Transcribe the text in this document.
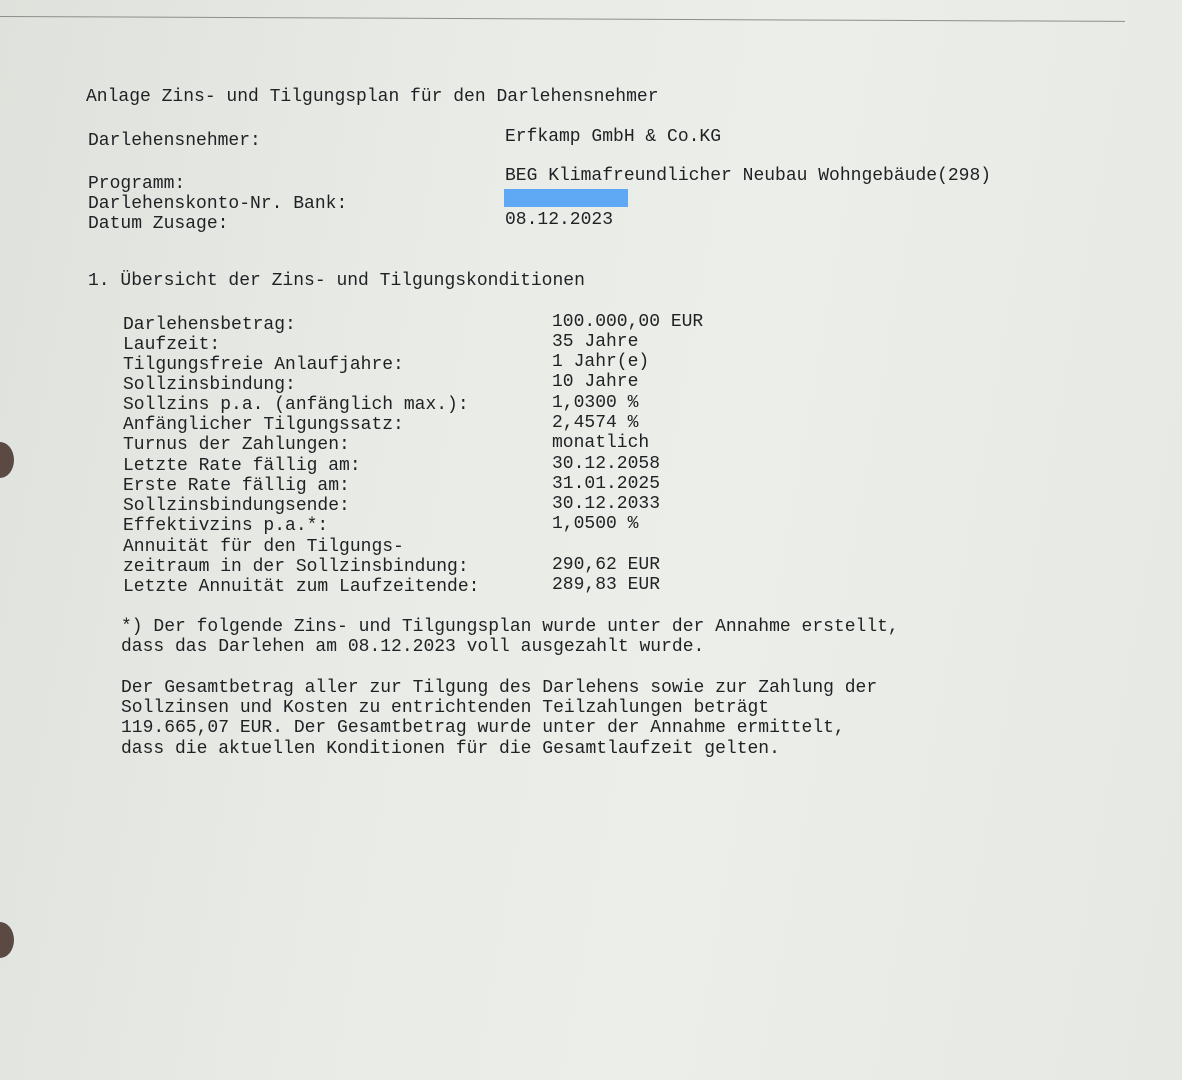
Anlage Zins- und Tilgungsplan für den Darlehensnehmer
Darlehensnehmer:	Erfkamp GmbH & Co.KG
Programm:	BEG Klimafreundlicher Neubau Wohngebäude(298)
Darlehenskonto-Nr. Bank:
Datum Zusage:	08.12.2023
1. Übersicht der Zins- und Tilgungskonditionen
Darlehensbetrag:	100.000,00 EUR
Laufzeit:	35 Jahre
Tilgungsfreie Anlaufjahre:	1 Jahr(e)
Sollzinsbindung:	10 Jahre
Sollzins p.a. (anfänglich max.):	1,0300 %
Anfänglicher Tilgungssatz:	2,4574 %
Turnus der Zahlungen:	monatlich
Letzte Rate fällig am:	30.12.2058
Erste Rate fällig am:	31.01.2025
Sollzinsbindungsende:	30.12.2033
Effektivzins p.a.*:	1,0500 %
Annuität für den Tilgungs-
zeitraum in der Sollzinsbindung:	290,62 EUR
Letzte Annuität zum Laufzeitende:	289,83 EUR
*) Der folgende Zins- und Tilgungsplan wurde unter der Annahme erstellt,
dass das Darlehen am 08.12.2023 voll ausgezahlt wurde.
Der Gesamtbetrag aller zur Tilgung des Darlehens sowie zur Zahlung der
Sollzinsen und Kosten zu entrichtenden Teilzahlungen beträgt
119.665,07 EUR. Der Gesamtbetrag wurde unter der Annahme ermittelt,
dass die aktuellen Konditionen für die Gesamtlaufzeit gelten.
